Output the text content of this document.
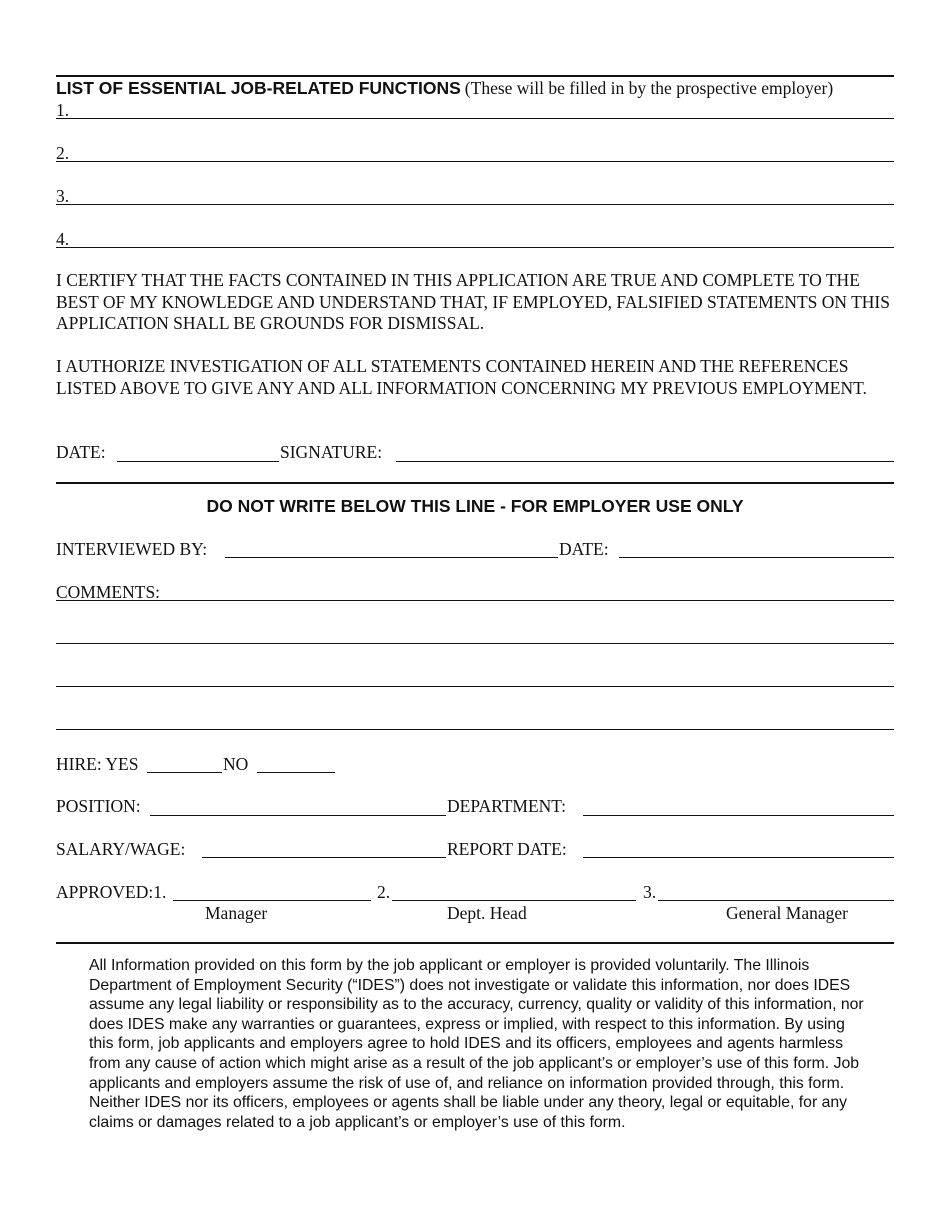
LIST OF ESSENTIAL JOB-RELATED FUNCTIONS (These will be filled in by the prospective employer)
1.
2.
3.
4.
I CERTIFY THAT THE FACTS CONTAINED IN THIS APPLICATION ARE TRUE AND COMPLETE TO THE BEST OF MY KNOWLEDGE AND UNDERSTAND THAT, IF EMPLOYED, FALSIFIED STATEMENTS ON THIS APPLICATION SHALL BE GROUNDS FOR DISMISSAL.
I AUTHORIZE INVESTIGATION OF ALL STATEMENTS CONTAINED HEREIN AND THE REFERENCES LISTED ABOVE TO GIVE ANY AND ALL INFORMATION CONCERNING MY PREVIOUS EMPLOYMENT.
DATE:	SIGNATURE:
DO NOT WRITE BELOW THIS LINE - FOR EMPLOYER USE ONLY
INTERVIEWED BY:	DATE:
COMMENTS:
HIRE: YES	NO
POSITION:	DEPARTMENT:
SALARY/WAGE:	REPORT DATE:
APPROVED:1.	2.	3.
Manager	Dept. Head	General Manager
All Information provided on this form by the job applicant or employer is provided voluntarily. The Illinois Department of Employment Security (“IDES”) does not investigate or validate this information, nor does IDES assume any legal liability or responsibility as to the accuracy, currency, quality or validity of this information, nor does IDES make any warranties or guarantees, express or implied, with respect to this information. By using this form, job applicants and employers agree to hold IDES and its officers, employees and agents harmless from any cause of action which might arise as a result of the job applicant’s or employer’s use of this form. Job applicants and employers assume the risk of use of, and reliance on information provided through, this form. Neither IDES nor its officers, employees or agents shall be liable under any theory, legal or equitable, for any claims or damages related to a job applicant’s or employer’s use of this form.
